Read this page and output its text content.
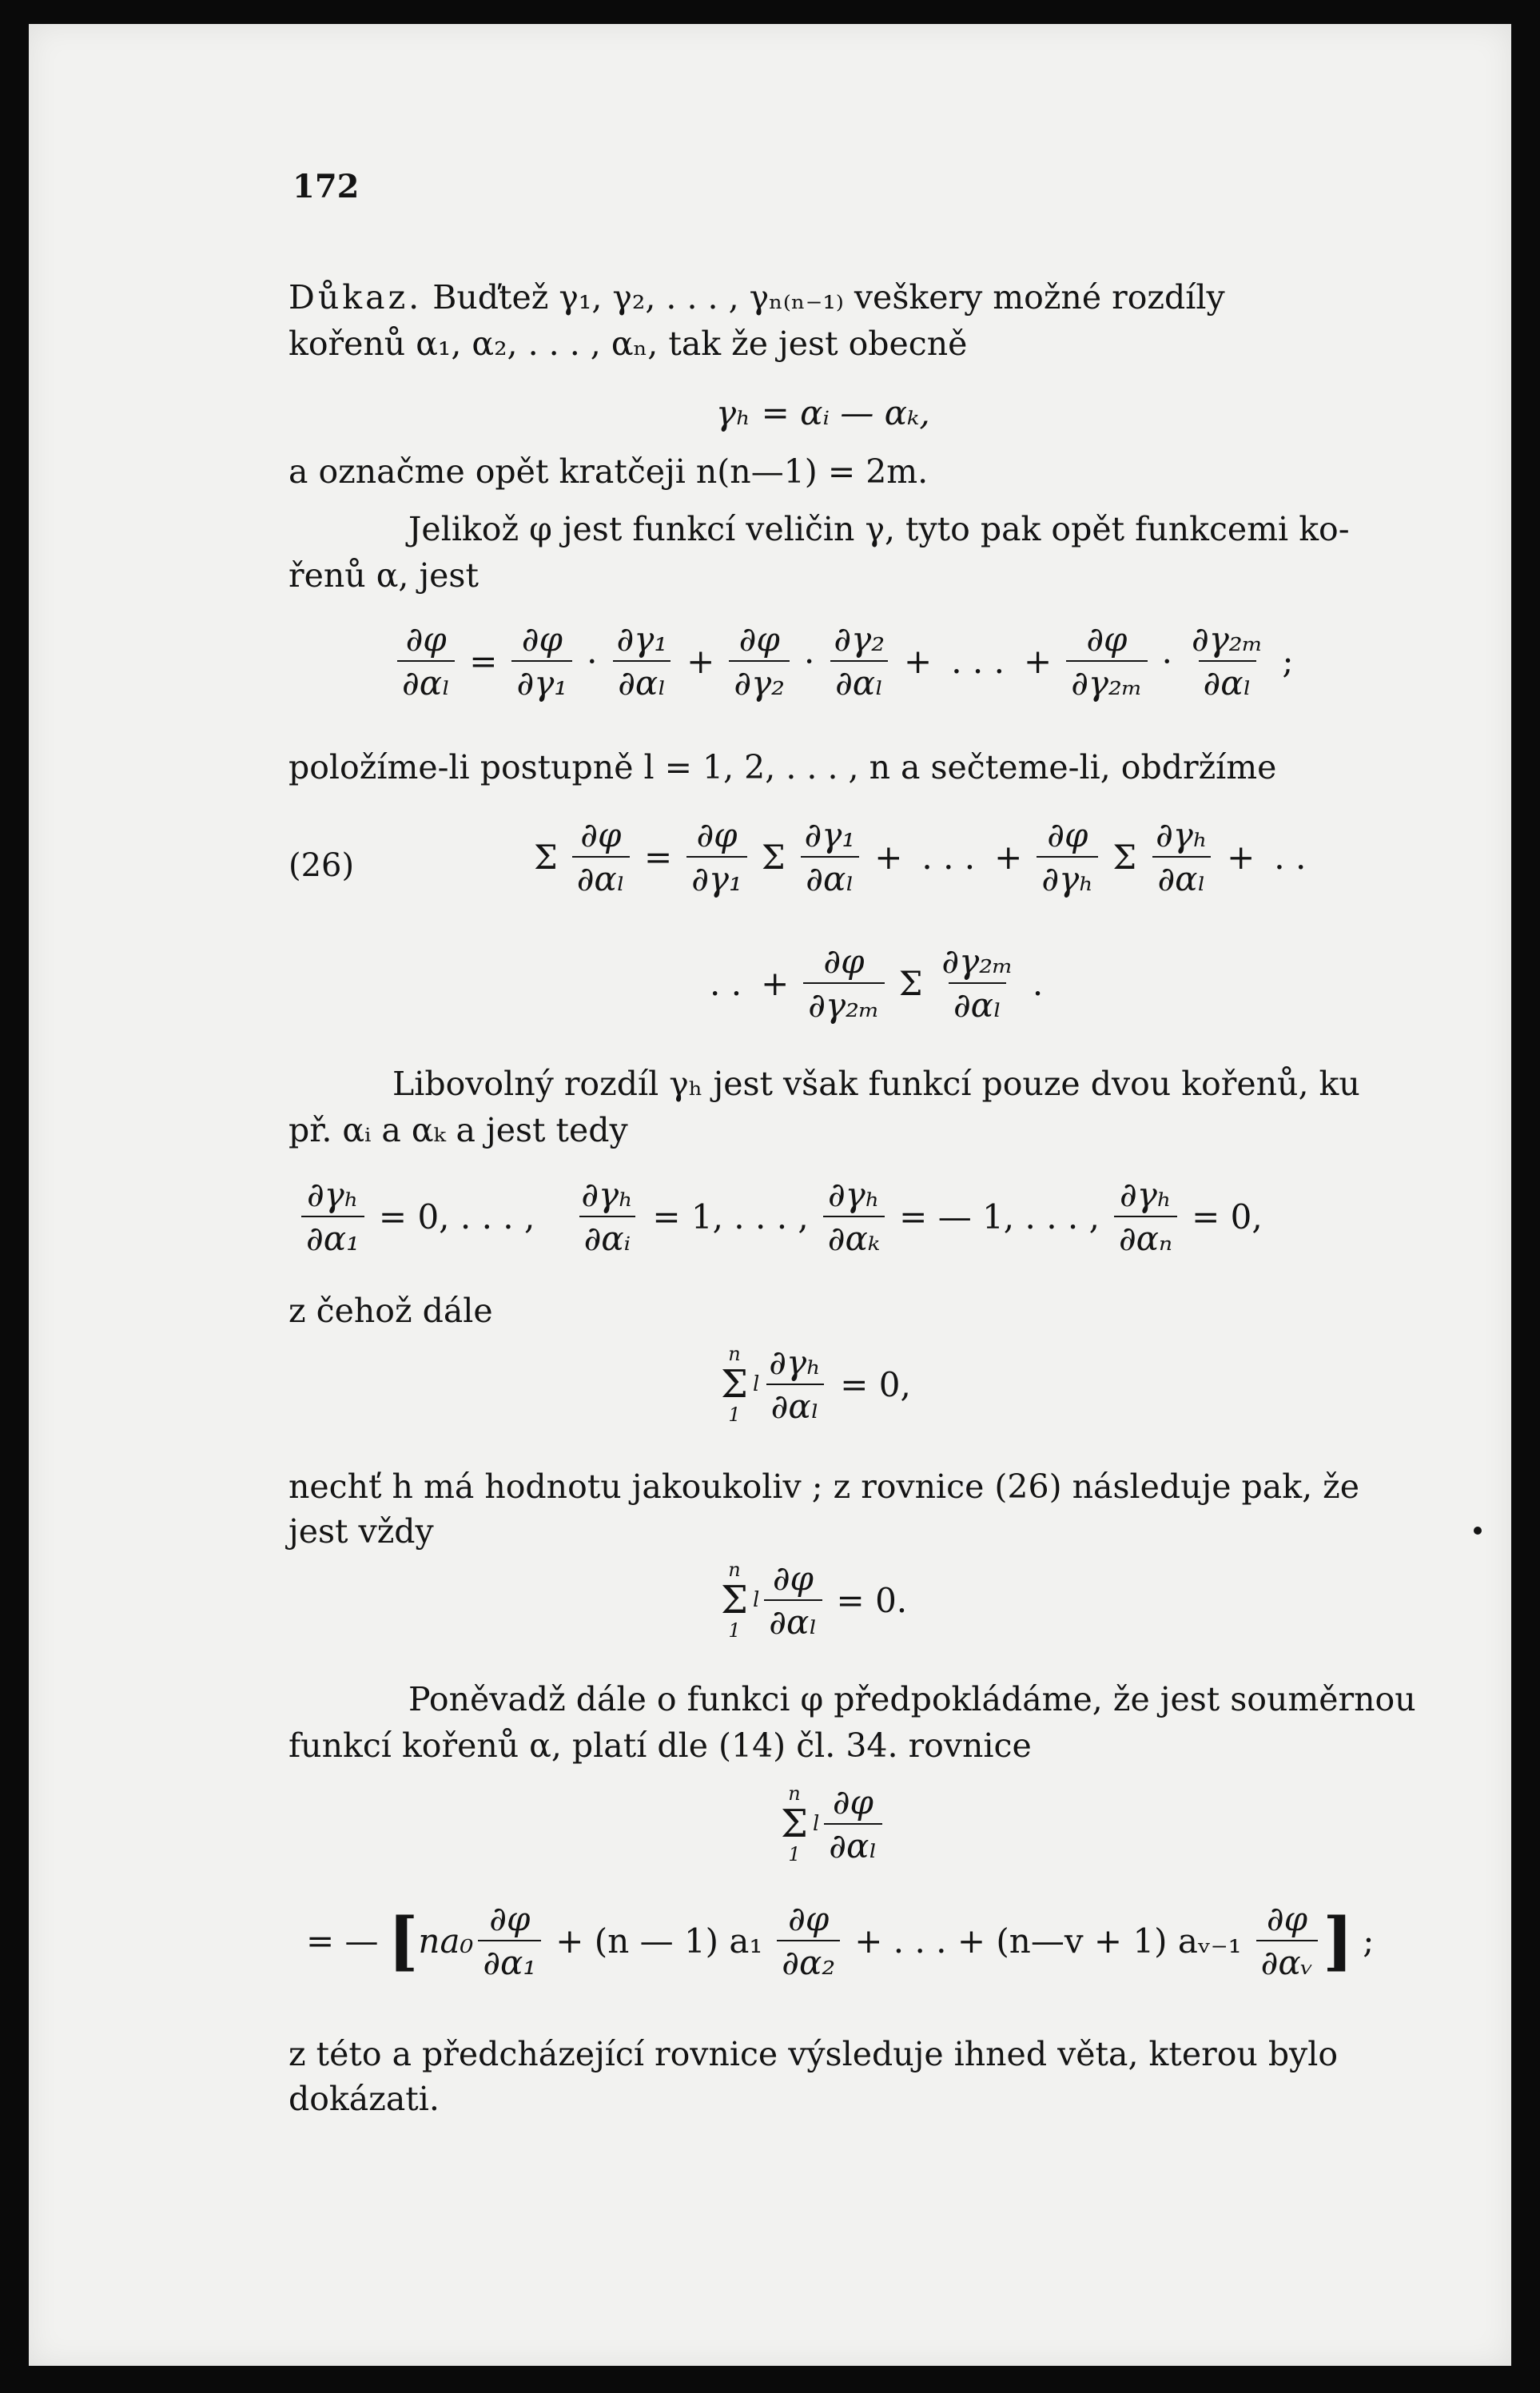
172
Důkaz. Buďtež γ₁, γ₂, . . . , γₙ₍ₙ₋₁₎ veškery možné rozdíly
kořenů α₁, α₂, . . . , αₙ, tak že jest obecně
γₕ = αᵢ — αₖ,
a označme opět kratčeji n(n—1) = 2m.
Jelikož φ jest funkcí veličin γ, tyto pak opět funkcemi ko-
řenů α, jest
$\frac{\partial\varphi}{\text{∂αₗ}} = \frac{\partial\varphi}{\text{∂γ₁}} \cdot \frac{\text{∂γ₁}}{\text{∂αₗ}} + \frac{\partial\varphi}{\text{∂γ₂}} \cdot \frac{\text{∂γ₂}}{\text{∂αₗ}}$ + . . . + $\frac{\partial\varphi}{\text{∂γ₂ₘ}} \cdot \frac{\text{∂γ₂ₘ}}{\text{∂αₗ}}$ ;
položíme-li postupně l = 1, 2, . . . , n a sečteme-li, obdržíme
(26)	Σ $\frac{\partial\varphi}{\text{∂αₗ}} = \frac{\partial\varphi}{\text{∂γ₁}}$ Σ $\frac{\text{∂γ₁}}{\text{∂αₗ}}$ + . . . + $\frac{\partial\varphi}{\text{∂γₕ}}$ Σ $\frac{\text{∂γₕ}}{\text{∂αₗ}}$ + . .
. . + $\frac{\partial\varphi}{\text{∂γ₂ₘ}}$ Σ $\frac{\text{∂γ₂ₘ}}{\text{∂αₗ}}$ .
Libovolný rozdíl γₕ jest však funkcí pouze dvou kořenů, ku
př. αᵢ a αₖ a jest tedy
$\frac{\text{∂γₕ}}{\text{∂α₁}} = 0$, . . . , $\frac{\text{∂γₕ}}{\text{∂αᵢ}} = 1$, . . . , $\frac{\text{∂γₕ}}{\text{∂αₖ}}$ = — 1, . . . , $\frac{\text{∂γₕ}}{\text{∂αₙ}} = 0$,
z čehož dále
n
Σ
1
l $\frac{\text{∂γₕ}}{\text{∂αₗ}} = 0$,
nechť h má hodnotu jakoukoliv ; z rovnice (26) následuje pak, že
jest vždy
n
Σ
1
l $\frac{\partial\varphi}{\text{∂αₗ}} = 0$.
Poněvadž dále o funkci φ předpokládáme, že jest souměrnou
funkcí kořenů α, platí dle (14) čl. 34. rovnice
n
Σ
1
l $\frac{\partial\varphi}{\text{∂αₗ}}$
= — [ $na_0 \frac{\partial\varphi}{\text{∂α₁}} + (n$ — 1) $a_1 \frac{\partial\varphi}{\text{∂α₂}}$ + . . . + (n—v + 1) aᵥ₋₁ $\frac{\partial\varphi}{\text{∂αᵥ}}$ ] ;
z této a předcházející rovnice výsleduje ihned věta, kterou bylo
dokázati.
